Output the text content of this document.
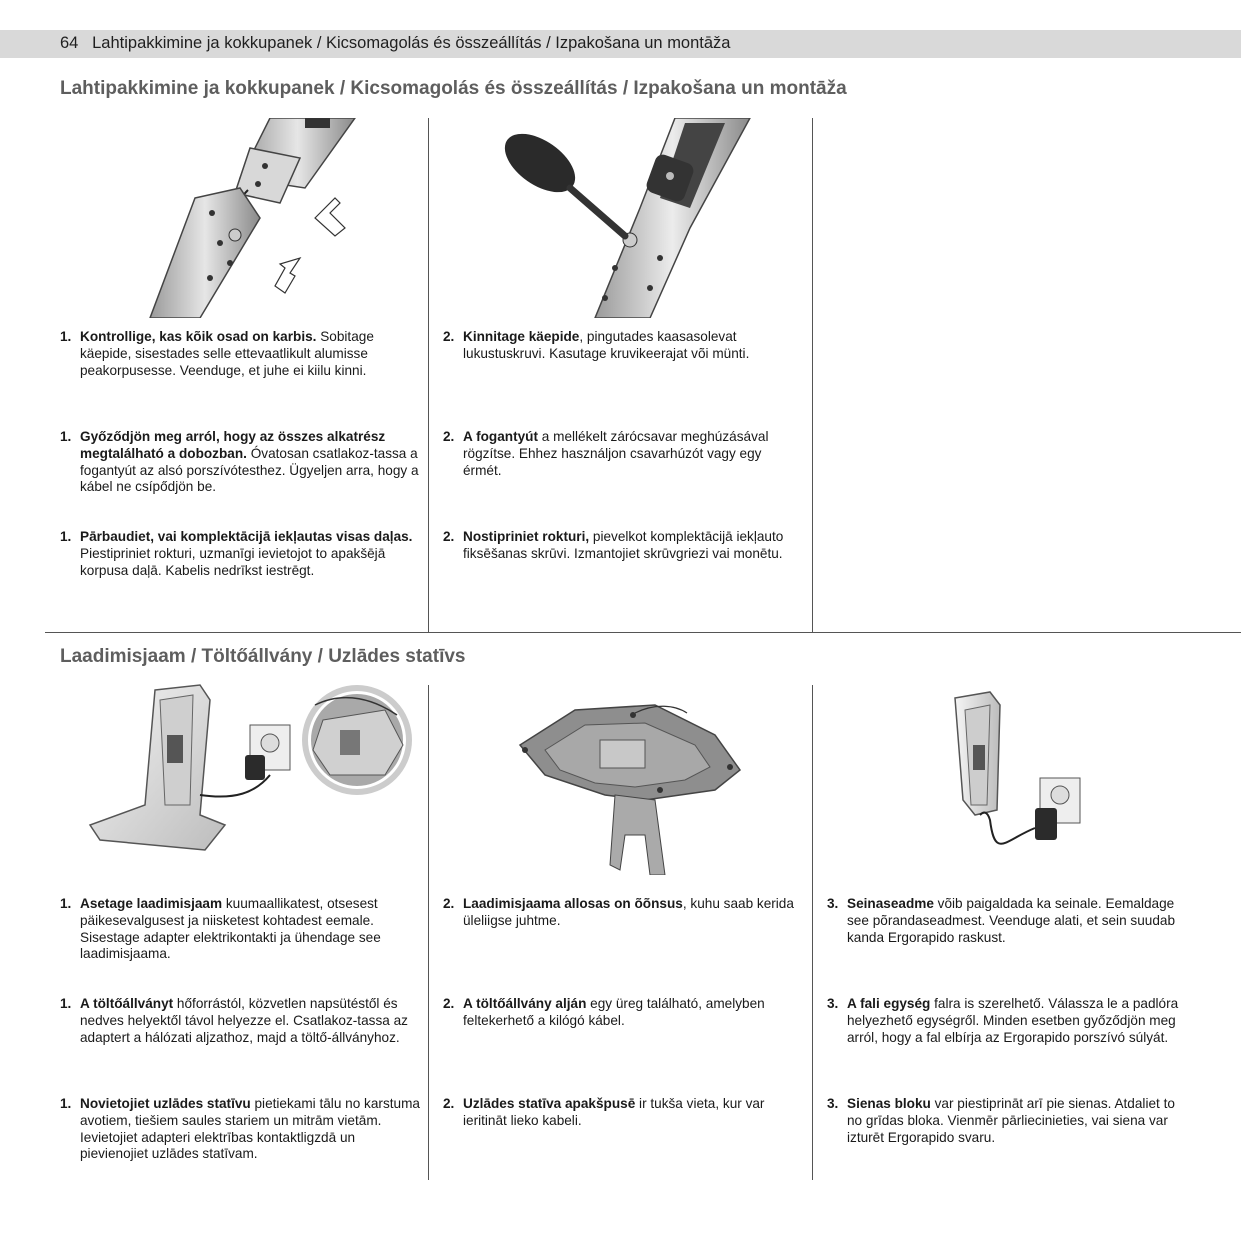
64 Lahtipakkimine ja kokkupanek / Kicsomagolás és összeállítás / Izpakošana un montāža
Lahtipakkimine ja kokkupanek / Kicsomagolás és összeállítás / Izpakošana un montāža
1. Kontrollige, kas kõik osad on karbis. Sobitage käepide, sisestades selle ettevaatlikult alumisse peakorpusesse. Veenduge, et juhe ei kiilu kinni.
1. Győződjön meg arról, hogy az összes alkatrész megtalálható a dobozban. Óvatosan csatlakoz-tassa a fogantyút az alsó porszívótesthez. Ügyeljen arra, hogy a kábel ne csípődjön be.
1. Pārbaudiet, vai komplektācijā iekļautas visas daļas. Piestipriniet rokturi, uzmanīgi ievietojot to apakšējā korpusa daļā. Kabelis nedrīkst iestrēgt.
2. Kinnitage käepide, pingutades kaasasolevat lukustuskruvi. Kasutage kruvikeerajat või münti.
2. A fogantyút a mellékelt zárócsavar meghúzásával rögzítse. Ehhez használjon csavarhúzót vagy egy érmét.
2. Nostipriniet rokturi, pievelkot komplektācijā iekļauto fiksēšanas skrūvi. Izmantojiet skrūvgriezi vai monētu.
Laadimisjaam / Töltőállvány / Uzlādes statīvs
1. Asetage laadimisjaam kuumaallikatest, otsesest päikesevalgusest ja niisketest kohtadest eemale. Sisestage adapter elektrikontakti ja ühendage see laadimisjaama.
1. A töltőállványt hőforrástól, közvetlen napsütéstől és nedves helyektől távol helyezze el. Csatlakoz-tassa az adaptert a hálózati aljzathoz, majd a töltő-állványhoz.
1. Novietojiet uzlādes statīvu pietiekami tālu no karstuma avotiem, tiešiem saules stariem un mitrām vietām. Ievietojiet adapteri elektrības kontaktligzdā un pievienojiet uzlādes statīvam.
2. Laadimisjaama allosas on õõnsus, kuhu saab kerida üleliigse juhtme.
2. A töltőállvány alján egy üreg található, amelyben feltekerhető a kilógó kábel.
2. Uzlādes statīva apakšpusē ir tukša vieta, kur var ieritināt lieko kabeli.
3. Seinaseadme võib paigaldada ka seinale. Eemaldage see põrandaseadmest. Veenduge alati, et sein suudab kanda Ergorapido raskust.
3. A fali egység falra is szerelhető. Válassza le a padlóra helyezhető egységről. Minden esetben győződjön meg arról, hogy a fal elbírja az Ergorapido porszívó súlyát.
3. Sienas bloku var piestiprināt arī pie sienas. Atdaliet to no grīdas bloka. Vienmēr pārliecinieties, vai siena var izturēt Ergorapido svaru.
